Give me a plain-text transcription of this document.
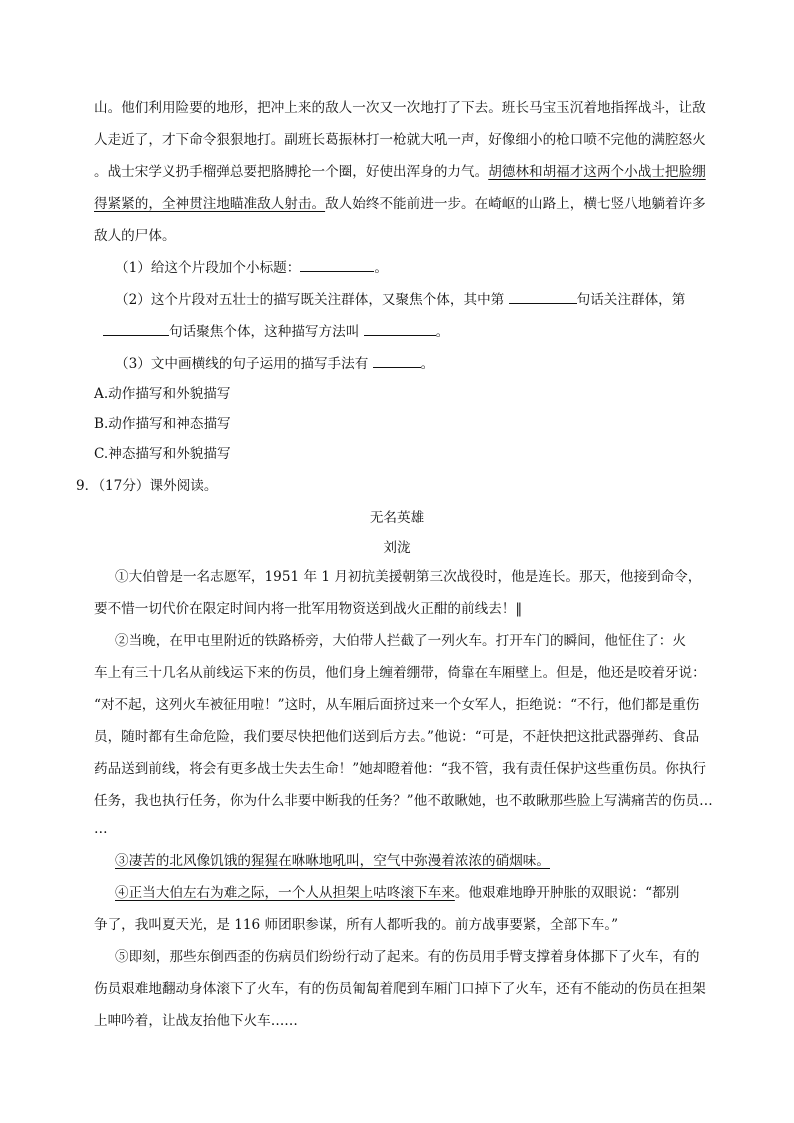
山。他们利用险要的地形，把冲上来的敌人一次又一次地打了下去。班长马宝玉沉着地指挥战斗，让敌
人走近了，才下命令狠狠地打。副班长葛振林打一枪就大吼一声，好像细小的枪口喷不完他的满腔怒火
。战士宋学义扔手榴弹总要把胳膊抡一个圈，好使出浑身的力气。胡德林和胡福才这两个小战士把脸绷
得紧紧的，全神贯注地瞄准敌人射击。敌人始终不能前进一步。在崎岖的山路上，横七竖八地躺着许多
敌人的尸体。
（1）给这个片段加个小标题：	。
（2）这个片段对五壮士的描写既关注群体，又聚焦个体，其中第	句话关注群体，第
句话聚焦个体，这种描写方法叫	。
（3）文中画横线的句子运用的描写手法有	。
A.动作描写和外貌描写
B.动作描写和神态描写
C.神态描写和外貌描写
9．（17分）课外阅读。
无名英雄
刘泷
①大伯曾是一名志愿军，1951 年 1 月初抗美援朝第三次战役时，他是连长。那天，他接到命令，
要不惜一切代价在限定时间内将一批军用物资送到战火正酣的前线去！‖
②当晚，在甲屯里附近的铁路桥旁，大伯带人拦截了一列火车。打开车门的瞬间，他怔住了：火
车上有三十几名从前线运下来的伤员，他们身上缠着绷带，倚靠在车厢壁上。但是，他还是咬着牙说：
“对不起，这列火车被征用啦！”这时，从车厢后面挤过来一个女军人，拒绝说：“不行，他们都是重伤
员，随时都有生命危险，我们要尽快把他们送到后方去。”他说：“可是，不赶快把这批武器弹药、食品
药品送到前线，将会有更多战士失去生命！”她却瞪着他：“我不管，我有责任保护这些重伤员。你执行
任务，我也执行任务，你为什么非要中断我的任务？”他不敢瞅她，也不敢瞅那些脸上写满痛苦的伤员…
…
③凄苦的北风像饥饿的猩猩在咻咻地吼叫，空气中弥漫着浓浓的硝烟味。
④正当大伯左右为难之际，一个人从担架上咕咚滚下车来。他艰难地睁开肿胀的双眼说：“都别
争了，我叫夏天光，是 116 师团职参谋，所有人都听我的。前方战事要紧，全部下车。”
⑤即刻，那些东倒西歪的伤病员们纷纷行动了起来。有的伤员用手臂支撑着身体挪下了火车，有的
伤员艰难地翻动身体滚下了火车，有的伤员匍匐着爬到车厢门口掉下了火车，还有不能动的伤员在担架
上呻吟着，让战友抬他下火车……
